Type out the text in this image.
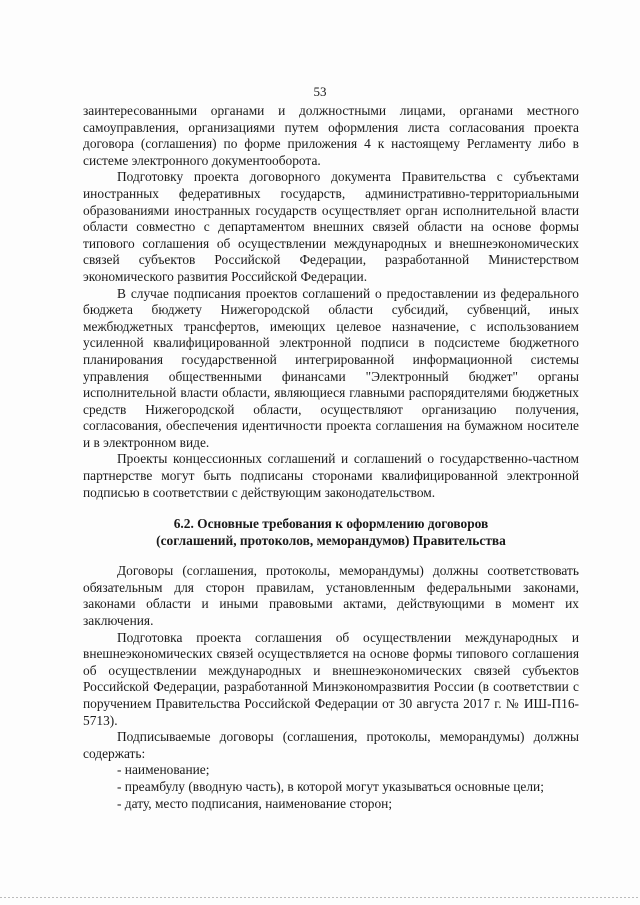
53

заинтересованными органами и должностными лицами, органами местного самоуправления, организациями путем оформления листа согласования проекта договора (соглашения) по форме приложения 4 к настоящему Регламенту либо в системе электронного документооборота.

Подготовку проекта договорного документа Правительства с субъектами иностранных федеративных государств, административно-территориальными образованиями иностранных государств осуществляет орган исполнительной власти области совместно с департаментом внешних связей области на основе формы типового соглашения об осуществлении международных и внешнеэкономических связей субъектов Российской Федерации, разработанной Министерством экономического развития Российской Федерации.

В случае подписания проектов соглашений о предоставлении из федерального бюджета бюджету Нижегородской области субсидий, субвенций, иных межбюджетных трансфертов, имеющих целевое назначение, с использованием усиленной квалифицированной электронной подписи в подсистеме бюджетного планирования государственной интегрированной информационной системы управления общественными финансами "Электронный бюджет" органы исполнительной власти области, являющиеся главными распорядителями бюджетных средств Нижегородской области, осуществляют организацию получения, согласования, обеспечения идентичности проекта соглашения на бумажном носителе и в электронном виде.

Проекты концессионных соглашений и соглашений о государственно-частном партнерстве могут быть подписаны сторонами квалифицированной электронной подписью в соответствии с действующим законодательством.

6.2. Основные требования к оформлению договоров
(соглашений, протоколов, меморандумов) Правительства

Договоры (соглашения, протоколы, меморандумы) должны соответствовать обязательным для сторон правилам, установленным федеральными законами, законами области и иными правовыми актами, действующими в момент их заключения.

Подготовка проекта соглашения об осуществлении международных и внешнеэкономических связей осуществляется на основе формы типового соглашения об осуществлении международных и внешнеэкономических связей субъектов Российской Федерации, разработанной Минэкономразвития России (в соответствии с поручением Правительства Российской Федерации от 30 августа 2017 г. № ИШ-П16-5713).

Подписываемые договоры (соглашения, протоколы, меморандумы) должны содержать:

- наименование;

- преамбулу (вводную часть), в которой могут указываться основные цели;

- дату, место подписания, наименование сторон;
